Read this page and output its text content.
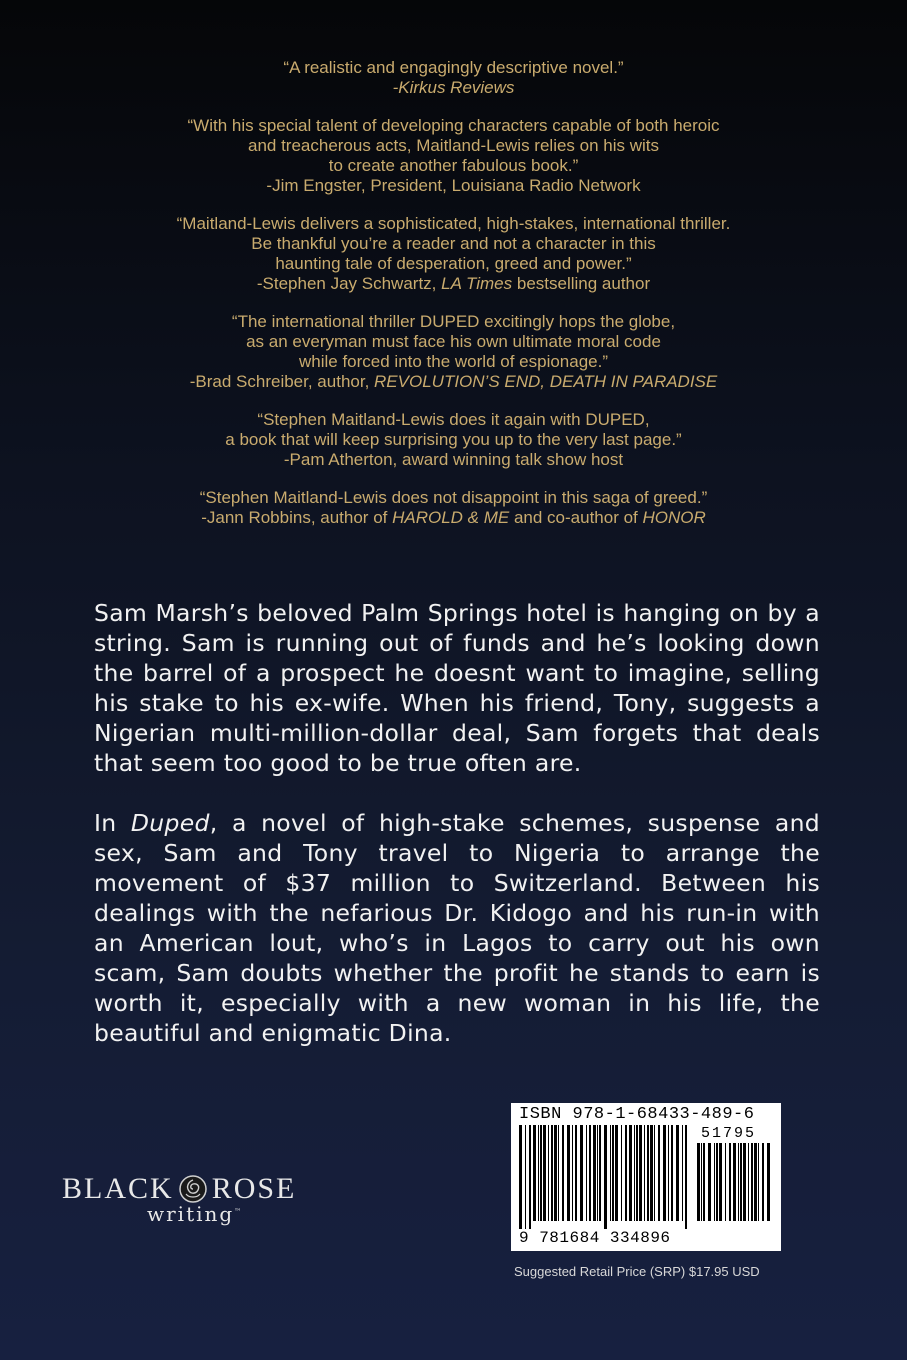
“A realistic and engagingly descriptive novel.”
-Kirkus Reviews
“With his special talent of developing characters capable of both heroic
and treacherous acts, Maitland-Lewis relies on his wits
to create another fabulous book.”
-Jim Engster, President, Louisiana Radio Network
“Maitland-Lewis delivers a sophisticated, high-stakes, international thriller.
Be thankful you’re a reader and not a character in this
haunting tale of desperation, greed and power.”
-Stephen Jay Schwartz, LA Times bestselling author
“The international thriller DUPED excitingly hops the globe,
as an everyman must face his own ultimate moral code
while forced into the world of espionage.”
-Brad Schreiber, author, REVOLUTION’S END, DEATH IN PARADISE
“Stephen Maitland-Lewis does it again with DUPED,
a book that will keep surprising you up to the very last page.”
-Pam Atherton, award winning talk show host
“Stephen Maitland-Lewis does not disappoint in this saga of greed.”
-Jann Robbins, author of HAROLD & ME and co-author of HONOR

Sam Marsh’s beloved Palm Springs hotel is hanging on by a string. Sam is running out of funds and he’s looking down the barrel of a prospect he doesnt want to imagine, selling his stake to his ex-wife. When his friend, Tony, suggests a Nigerian multi-million-dollar deal, Sam forgets that deals that seem too good to be true often are.

In Duped, a novel of high-stake schemes, suspense and sex, Sam and Tony travel to Nigeria to arrange the movement of $37 million to Switzerland. Between his dealings with the nefarious Dr. Kidogo and his run-in with an American lout, who’s in Lagos to carry out his own scam, Sam doubts whether the profit he stands to earn is worth it, especially with a new woman in his life, the beautiful and enigmatic Dina.

BLACK ROSE
writing™
ISBN 978-1-68433-489-6
51795
9 781684 334896
Suggested Retail Price (SRP) $17.95 USD
